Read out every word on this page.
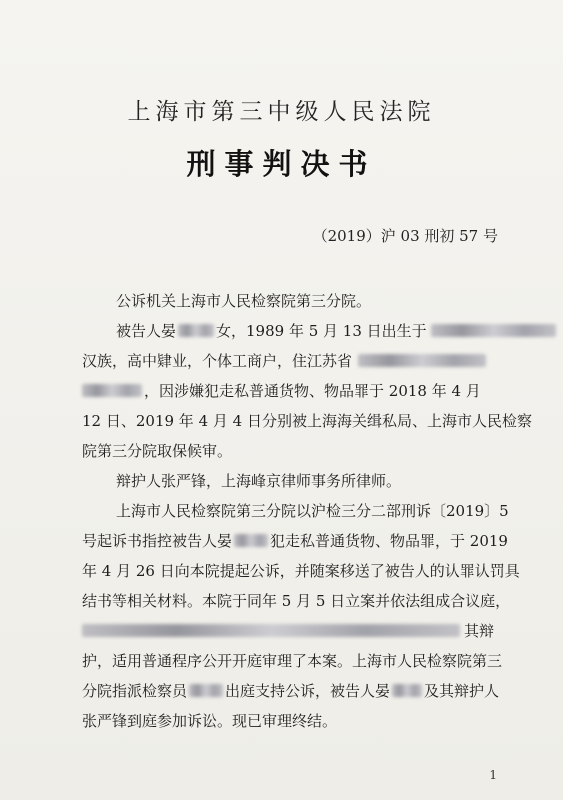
上海市第三中级人民法院
刑事判决书
（2019）沪 03 刑初 57 号
公诉机关上海市人民检察院第三分院。
被告人晏	女，1989 年 5 月 13 日出生于
汉族，高中肄业，个体工商户，住江苏省
，因涉嫌犯走私普通货物、物品罪于 2018 年 4 月
12 日、2019 年 4 月 4 日分别被上海海关缉私局、上海市人民检察
院第三分院取保候审。
辩护人张严锋，上海峰京律师事务所律师。
上海市人民检察院第三分院以沪检三分二部刑诉〔2019〕5
号起诉书指控被告人晏	犯走私普通货物、物品罪，于 2019
年 4 月 26 日向本院提起公诉，并随案移送了被告人的认罪认罚具
结书等相关材料。本院于同年 5 月 5 日立案并依法组成合议庭，
其辩
护，适用普通程序公开开庭审理了本案。上海市人民检察院第三
分院指派检察员	出庭支持公诉，被告人晏 及其辩护人
张严锋到庭参加诉讼。现已审理终结。
1
